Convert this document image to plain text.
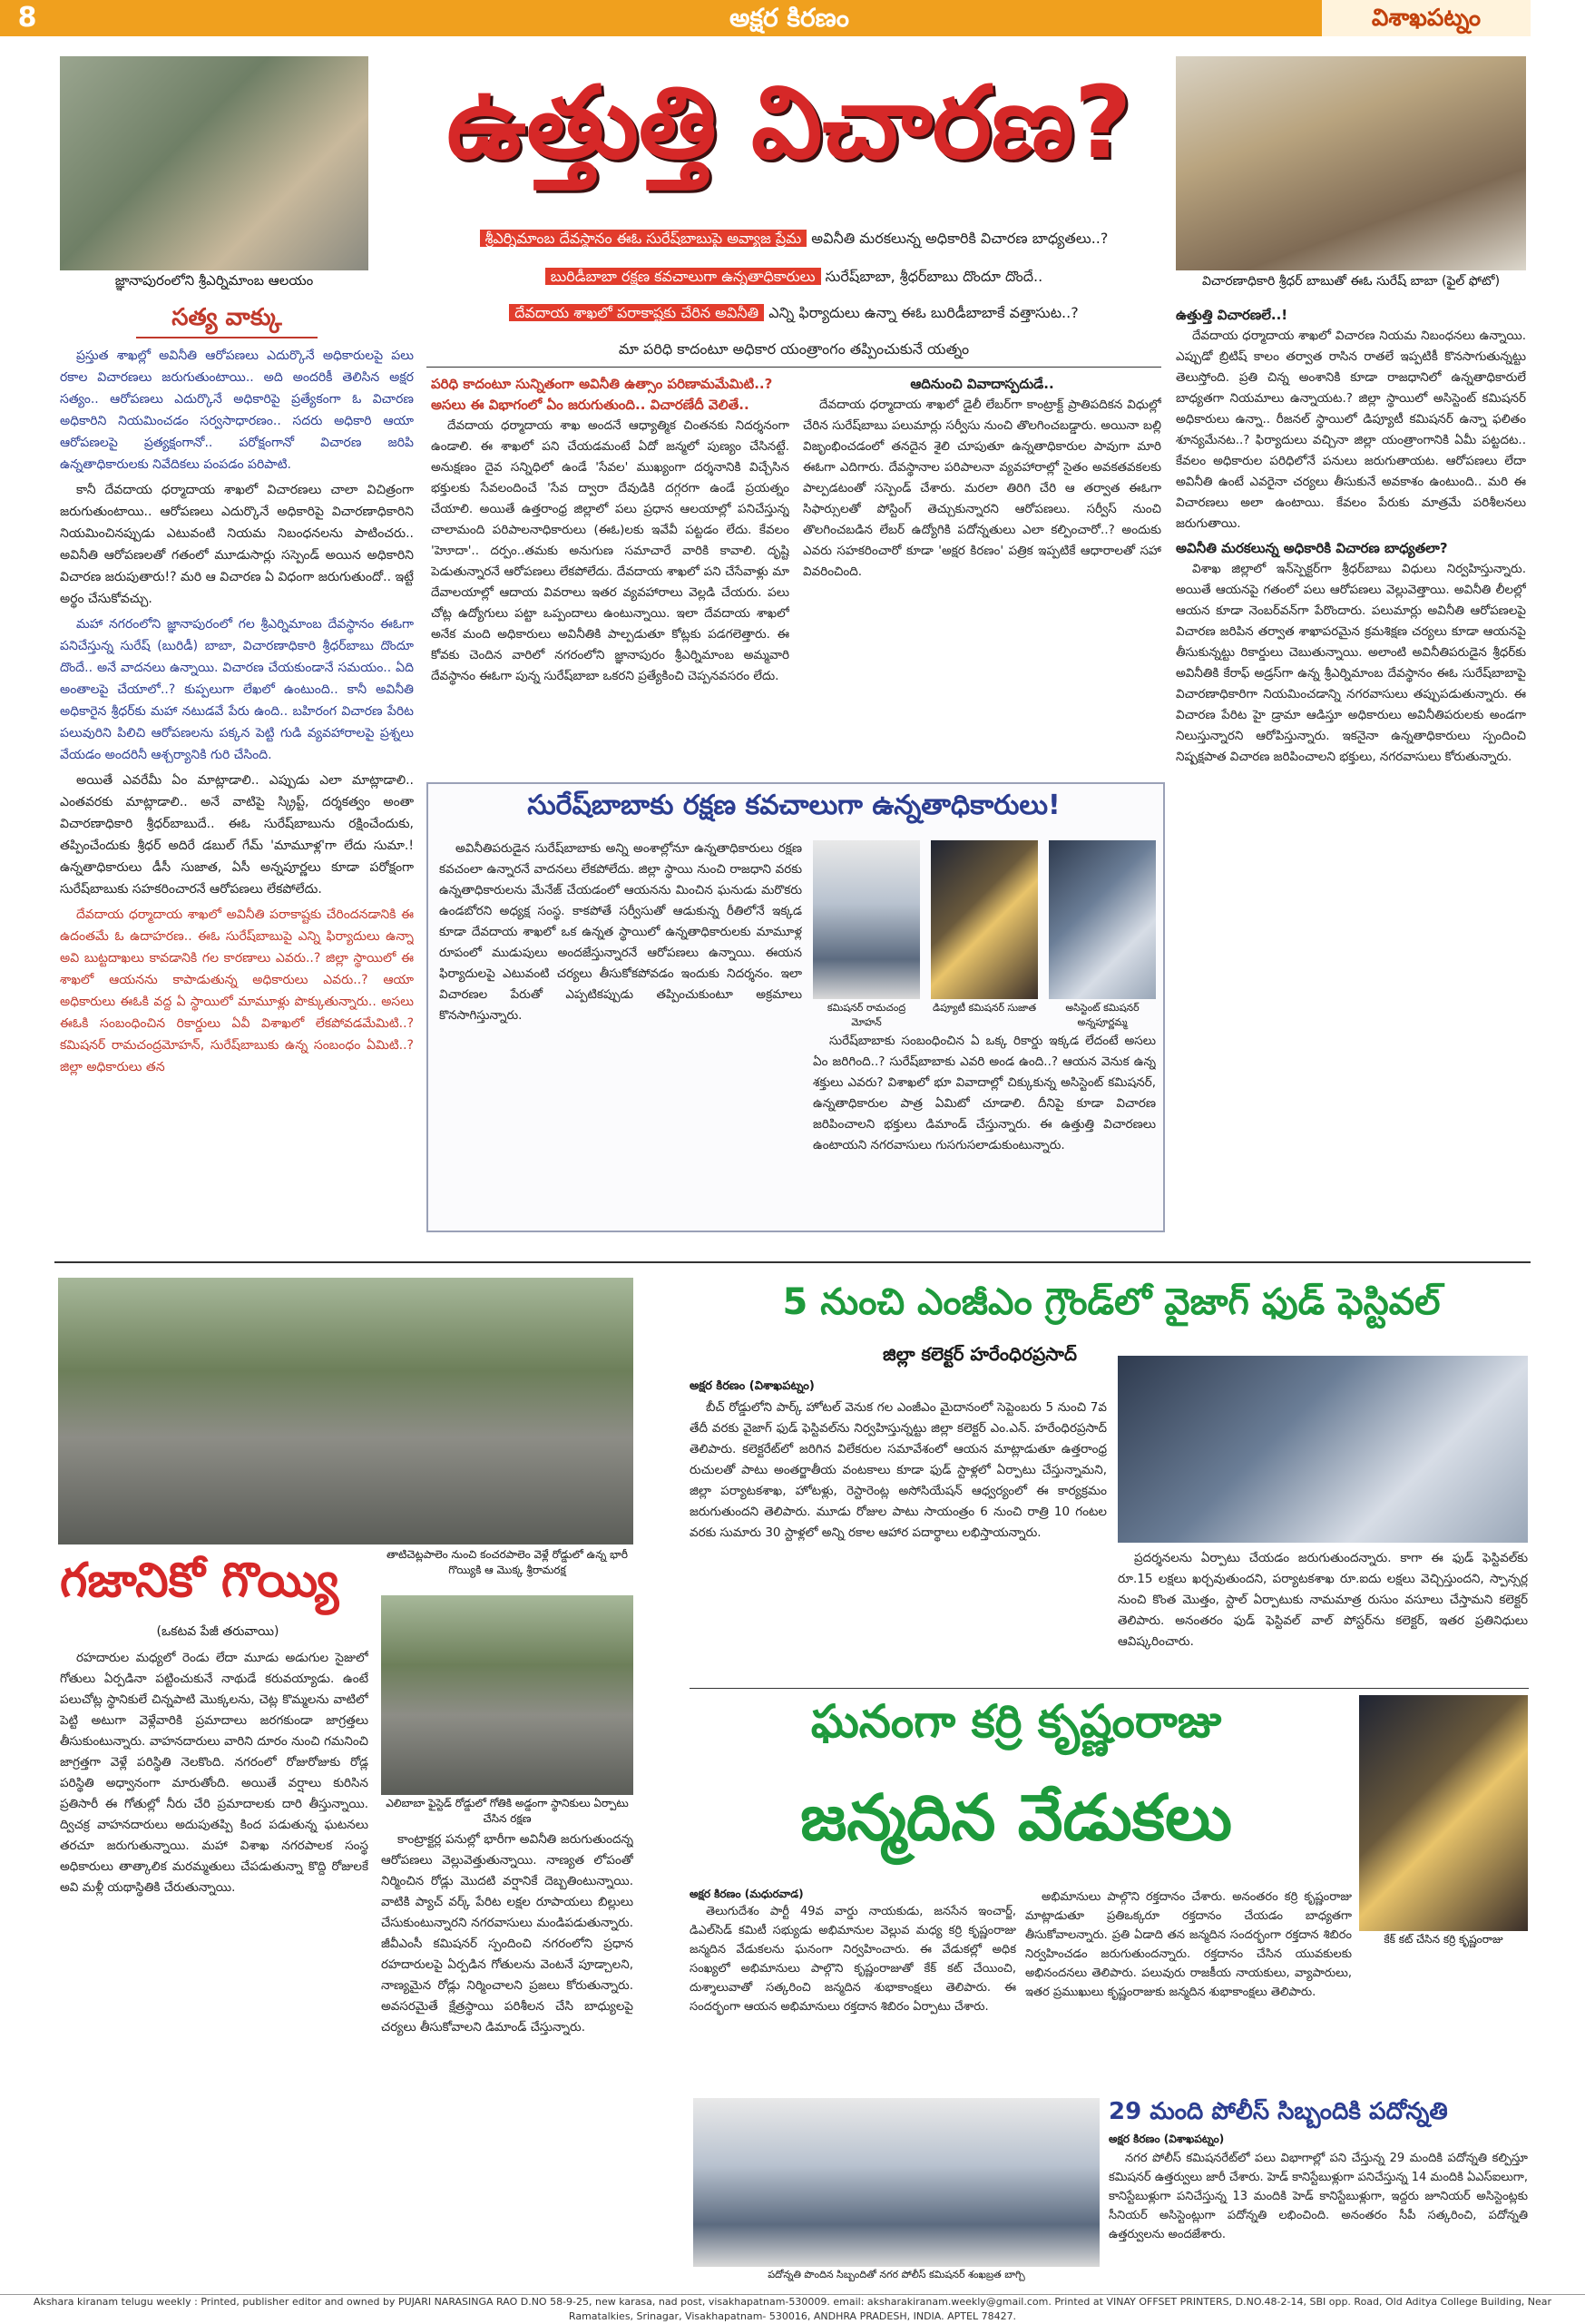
8	అక్షర కిరణం	విశాఖపట్నం
జ్ఞానాపురంలోని శ్రీఎర్నిమాంబ ఆలయం
ఉత్తుత్తి విచారణ?
విచారణాధికారి శ్రీధర్ బాబుతో ఈఓ సురేష్ బాబా (ఫైల్ ఫోటో)
శ్రీఎర్నిమాంబ దేవస్థానం ఈఓ సురేష్‌బాబుపై అవ్యాజ ప్రేమ అవినీతి మరకలున్న అధికారికి విచారణ బాధ్యతలు..?
బురిడీబాబా రక్షణ కవచాలుగా ఉన్నతాధికారులు సురేష్‌బాబా, శ్రీధర్‌బాబు దొందూ దొందే..
దేవదాయ శాఖలో పరాకాష్టకు చేరిన అవినీతి ఎన్ని ఫిర్యాదులు ఉన్నా ఈఓ బురిడీబాబాకే వత్తాసుట..?
మా పరిధి కాదంటూ అధికార యంత్రాంగం తప్పించుకునే యత్నం
సత్య వాక్కు

ప్రస్తుత శాఖల్లో అవినీతి ఆరోపణలు ఎదుర్కొనే అధికారులపై పలు రకాల విచారణలు జరుగుతుంటాయి.. అది అందరికీ తెలిసిన అక్షర సత్యం.. ఆరోపణలు ఎదుర్కొనే అధికారిపై ప్రత్యేకంగా ఓ విచారణ అధికారిని నియమించడం సర్వసాధారణం.. సదరు అధికారి ఆయా ఆరోపణలపై ప్రత్యక్షంగానో.. పరోక్షంగానో విచారణ జరిపి ఉన్నతాధికారులకు నివేదికలు పంపడం పరిపాటి.

కానీ దేవదాయ ధర్మాదాయ శాఖలో విచారణలు చాలా విచిత్రంగా జరుగుతుంటాయి.. ఆరోపణలు ఎదుర్కొనే అధికారిపై విచారణాధికారిని నియమించినప్పుడు ఎటువంటి నియమ నిబంధనలను పాటించరు.. అవినీతి ఆరోపణలతో గతంలో మూడుసార్లు సస్పెండ్ అయిన అధికారిని విచారణ జరుపుతారు!? మరి ఆ విచారణ ఏ విధంగా జరుగుతుందో.. ఇట్టే అర్థం చేసుకోవచ్చు.

మహా నగరంలోని జ్ఞానాపురంలో గల శ్రీఎర్నిమాంబ దేవస్థానం ఈఓగా పనిచేస్తున్న సురేష్ (బురిడీ) బాబా, విచారణాధికారి శ్రీధర్‌బాబు దొందూ దొందే.. అనే వాదనలు ఉన్నాయి. విచారణ చేయకుండానే సమయం.. ఏది అంతాలపై చేయాలో..? కుప్పలుగా లేఖలో ఉంటుంది.. కానీ అవినీతి అధికారైన శ్రీధర్‌కు మహా నటుడవే పేరు ఉంది.. బహిరంగ విచారణ పేరిట పలువురిని పిలిచి ఆరోపణలను పక్కన పెట్టి గుడి వ్యవహారాలపై ప్రశ్నలు వేయడం అందరినీ ఆశ్చర్యానికి గురి చేసింది.

అయితే ఎవరేమీ ఏం మాట్లాడాలి.. ఎప్పుడు ఎలా మాట్లాడాలి.. ఎంతవరకు మాట్లాడాలి.. అనే వాటిపై స్క్రిప్ట్, దర్శకత్వం అంతా విచారణాధికారి శ్రీధర్‌బాబుదే.. ఈఓ సురేష్‌బాబును రక్షించేందుకు, తప్పించేందుకు శ్రీధర్ అదిరే డబుల్ గేమ్ 'మామూళ్ల'గా లేదు సుమా.! ఉన్నతాధికారులు డీసీ సుజాత, ఏసీ అన్నపూర్ణలు కూడా పరోక్షంగా సురేష్‌బాబుకు సహకరించారనే ఆరోపణలు లేకపోలేదు.

దేవదాయ ధర్మాదాయ శాఖలో అవినీతి పరాకాష్టకు చేరిందనడానికి ఈ ఉదంతమే ఓ ఉదాహరణ.. ఈఓ సురేష్‌బాబుపై ఎన్ని ఫిర్యాదులు ఉన్నా అవి బుట్టదాఖలు కావడానికి గల కారణాలు ఎవరు..? జిల్లా స్థాయిలో ఈ శాఖలో ఆయనను కాపాడుతున్న అధికారులు ఎవరు..? ఆయా అధికారులు ఈఓకి వద్ద ఏ స్థాయిలో మామూళ్లు పొక్కుతున్నారు.. అసలు ఈఓకి సంబంధించిన రికార్డులు ఏవీ విశాఖలో లేకపోవడమేమిటి..? కమిషనర్ రామచంద్రమోహన్, సురేష్‌బాబుకు ఉన్న సంబంధం ఏమిటి..? జిల్లా అధికారులు తన

పరిధి కాదంటూ సున్నితంగా అవినీతి ఉత్సాం పరిణామమేమిటి..?
అసలు ఈ విభాగంలో ఏం జరుగుతుంది.. విచారణేదీ వెలితే..

దేవదాయ ధర్మాదాయ శాఖ అందనే ఆధ్యాత్మిక చింతనకు నిదర్శనంగా ఉండాలి. ఈ శాఖలో పని చేయడమంటే ఏదో జన్మలో పుణ్యం చేసినట్టే. అనుక్షణం దైవ సన్నిధిలో ఉండే 'సేవల' ముఖ్యంగా దర్శనానికి విచ్చేసిన భక్తులకు సేవలందించే 'సేవ ద్వారా దేవుడికి దగ్గరగా ఉండే ప్రయత్నం చేయాలి. అయితే ఉత్తరాంధ్ర జిల్లాలో పలు ప్రధాన ఆలయాల్లో పనిచేస్తున్న చాలామంది పరిపాలనాధికారులు (ఈఓ)లకు ఇవేవీ పట్టడం లేదు. కేవలం 'హెూదా'.. దర్పం..తమకు అనుగుణ సమాచారే వారికి కావాలి. దృష్టి పెడుతున్నారనే ఆరోపణలు లేకపోలేదు. దేవదాయ శాఖలో పని చేసేవాళ్లు మా దేవాలయాల్లో ఆదాయ వివరాలు ఇతర వ్యవహారాలు వెల్లడి చేయరు. పలు చోట్ల ఉద్యోగులు పట్టా ఒప్పందాలు ఉంటున్నాయి. ఇలా దేవదాయ శాఖలో అనేక మంది అధికారులు అవినీతికి పాల్పడుతూ కోట్లకు పడగలెత్తారు. ఈ కోవకు చెందిన వారిలో నగరంలోని జ్ఞానాపురం శ్రీఎర్నిమాంబ అమ్మవారి దేవస్థానం ఈఓగా పున్న సురేష్‌బాబా ఒకరని ప్రత్యేకించి చెప్పనవసరం లేదు.

ఆదినుంచి వివాదాస్పదుడే..

దేవదాయ ధర్మాదాయ శాఖలో డైలీ లేబర్‌గా కాంట్రాక్ట్ ప్రాతిపదికన విధుల్లో చేరిన సురేష్‌బాబు పలుమార్లు సర్వీసు నుంచి తొలగించబడ్డారు. అయినా బల్లి విజృంభించడంలో తనదైన శైలి చూపుతూ ఉన్నతాధికారుల పావుగా మారి ఈఓగా ఎదిగారు. దేవస్థానాల పరిపాలనా వ్యవహారాల్లో సైతం అవకతవకలకు పాల్పడటంతో సస్పెండ్ చేశారు. మరలా తిరిగి చేరి ఆ తర్వాత ఈఓగా సిఫార్సులతో పోస్టింగ్ తెచ్చుకున్నారని ఆరోపణలు. సర్వీస్ నుంచి తొలగించబడిన లేబర్ ఉద్యోగికి పదోన్నతులు ఎలా కల్పించారో..? అందుకు ఎవరు సహకరించారో కూడా 'అక్షర కిరణం' పత్రిక ఇప్పటికే ఆధారాలతో సహా వివరించింది.

ఉత్తుత్తి విచారణలే..!

దేవదాయ ధర్మాదాయ శాఖలో విచారణ నియమ నిబంధనలు ఉన్నాయి. ఎప్పుడో బ్రిటిష్ కాలం తర్వాత రాసిన రాతలే ఇప్పటికీ కొనసాగుతున్నట్టు తెలుస్తోంది. ప్రతి చిన్న అంశానికి కూడా రాజధానిలో ఉన్నతాధికారులే బాధ్యతగా నియమాలు ఉన్నాయట.? జిల్లా స్థాయిలో అసిస్టెంట్ కమిషనర్ అధికారులు ఉన్నా.. రీజనల్ స్థాయిలో డిప్యూటీ కమిషనర్ ఉన్నా ఫలితం శూన్యమేనట..? ఫిర్యాదులు వచ్చినా జిల్లా యంత్రాంగానికి ఏమీ పట్టదట.. కేవలం అధికారుల పరిధిలోనే పనులు జరుగుతాయట. ఆరోపణలు లేదా అవినీతి ఉంటే ఎవరైనా చర్యలు తీసుకునే అవకాశం ఉంటుంది.. మరి ఈ విచారణలు అలా ఉంటాయి. కేవలం పేరుకు మాత్రమే పరిశీలనలు జరుగుతాయి.

అవినీతి మరకలున్న అధికారికి విచారణ బాధ్యతలా?

విశాఖ జిల్లాలో ఇన్‌స్పెక్టర్‌గా శ్రీధర్‌బాబు విధులు నిర్వహిస్తున్నారు. అయితే ఆయనపై గతంలో పలు ఆరోపణలు వెల్లువెత్తాయి. అవినీతి లీలల్లో ఆయన కూడా నెంబర్‌వన్‌గా పేరొందారు. పలుమార్లు అవినీతి ఆరోపణలపై విచారణ జరిపిన తర్వాత శాఖాపరమైన క్రమశిక్షణ చర్యలు కూడా ఆయనపై తీసుకున్నట్టు రికార్డులు చెబుతున్నాయి. అలాంటి అవినీతిపరుడైన శ్రీధర్‌కు అవినీతికి కేరాఫ్ అడ్రస్‌గా ఉన్న శ్రీఎర్నిమాంబ దేవస్థానం ఈఓ సురేష్‌బాబాపై విచారణాధికారిగా నియమించడాన్ని నగరవాసులు తప్పుపడుతున్నారు. ఈ విచారణ పేరిట హై డ్రామా ఆడిస్తూ అధికారులు అవినీతిపరులకు అండగా నిలుస్తున్నారని ఆరోపిస్తున్నారు. ఇకనైనా ఉన్నతాధికారులు స్పందించి నిష్పక్షపాత విచారణ జరిపించాలని భక్తులు, నగరవాసులు కోరుతున్నారు.

సురేష్‌బాబాకు రక్షణ కవచాలుగా ఉన్నతాధికారులు!

అవినీతిపరుడైన సురేష్‌బాబాకు అన్ని అంశాల్లోనూ ఉన్నతాధికారులు రక్షణ కవచంలా ఉన్నారనే వాదనలు లేకపోలేదు. జిల్లా స్థాయి నుంచి రాజధాని వరకు ఉన్నతాధికారులను మేనేజ్ చేయడంలో ఆయనను మించిన ఘనుడు మరొకరు ఉండబోరని అధ్యక్ష సంస్థ. కాకపోతే సర్వీసుతో ఆడుకున్న రీతిలోనే ఇక్కడ కూడా దేవదాయ శాఖలో ఒక ఉన్నత స్థాయిలో ఉన్నతాధికారులకు మామూళ్ల రూపంలో ముడుపులు అందజేస్తున్నారనే ఆరోపణలు ఉన్నాయి. ఈయన ఫిర్యాదులపై ఎటువంటి చర్యలు తీసుకోకపోవడం ఇందుకు నిదర్శనం. ఇలా విచారణల పేరుతో ఎప్పటికప్పుడు తప్పించుకుంటూ అక్రమాలు కొనసాగిస్తున్నారు.

కమిషనర్ రామచంద్ర మోహన్
డిప్యూటీ కమిషనర్ సుజాత	అసిస్టెంట్ కమిషనర్ అన్నపూర్ణమ్మ

సురేష్‌బాబాకు సంబంధించిన ఏ ఒక్క రికార్డు ఇక్కడ లేదంటే అసలు ఏం జరిగింది..? సురేష్‌బాబాకు ఎవరి అండ ఉంది..? ఆయన వెనుక ఉన్న శక్తులు ఎవరు? విశాఖలో భూ వివాదాల్లో చిక్కుకున్న అసిస్టెంట్ కమిషనర్, ఉన్నతాధికారుల పాత్ర ఏమిటో చూడాలి. దీనిపై కూడా విచారణ జరిపించాలని భక్తులు డిమాండ్ చేస్తున్నారు. ఈ ఉత్తుత్తి విచారణలు ఉంటాయని నగరవాసులు గుసగుసలాడుకుంటున్నారు.

తాటిచెట్లపాలెం నుంచి కంచరపాలెం వెళ్లే రోడ్డులో ఉన్న భారీ గొయ్యికి ఆ మొక్క శ్రీరామరక్ష
గజానికో గొయ్యి
(ఒకటవ పేజీ తరువాయి)
ఎలిబాబా ఫైస్టెడ్ రోడ్డులో గోతికి అడ్డంగా స్థానికులు ఏర్పాటు చేసిన రక్షణ

రహదారుల మధ్యలో రెండు లేదా మూడు అడుగుల సైజులో గోతులు ఏర్పడినా పట్టించుకునే నాథుడే కరువయ్యాడు. ఉంటే పలుచోట్ల స్థానికులే చిన్నపాటి మొక్కలను, చెట్ల కొమ్మలను వాటిలో పెట్టి అటుగా వెళ్లేవారికి ప్రమాదాలు జరగకుండా జాగ్రత్తలు తీసుకుంటున్నారు. వాహనదారులు వారిని దూరం నుంచి గమనించి జాగ్రత్తగా వెళ్లే పరిస్థితి నెలకొంది. నగరంలో రోజురోజుకు రోడ్ల పరిస్థితి అధ్వానంగా మారుతోంది. అయితే వర్షాలు కురిసిన ప్రతిసారీ ఈ గోతుల్లో నీరు చేరి ప్రమాదాలకు దారి తీస్తున్నాయి. ద్విచక్ర వాహనదారులు అదుపుతప్పి కింద పడుతున్న ఘటనలు తరచూ జరుగుతున్నాయి. మహా విశాఖ నగరపాలక సంస్థ అధికారులు తాత్కాలిక మరమ్మతులు చేపడుతున్నా కొద్ది రోజులకే అవి మళ్లీ యథాస్థితికి చేరుతున్నాయి.

కాంట్రాక్టర్ల పనుల్లో భారీగా అవినీతి జరుగుతుందన్న ఆరోపణలు వెల్లువెత్తుతున్నాయి. నాణ్యత లోపంతో నిర్మించిన రోడ్లు మొదటి వర్షానికే దెబ్బతింటున్నాయి. వాటికి ప్యాచ్ వర్క్ పేరిట లక్షల రూపాయలు బిల్లులు చేసుకుంటున్నారని నగరవాసులు మండిపడుతున్నారు. జీవీఎంసీ కమిషనర్ స్పందించి నగరంలోని ప్రధాన రహదారులపై ఏర్పడిన గోతులను వెంటనే పూడ్చాలని, నాణ్యమైన రోడ్లు నిర్మించాలని ప్రజలు కోరుతున్నారు. అవసరమైతే క్షేత్రస్థాయి పరిశీలన చేసి బాధ్యులపై చర్యలు తీసుకోవాలని డిమాండ్ చేస్తున్నారు.

5 నుంచి ఎంజీఎం గ్రౌండ్‌లో వైజాగ్ ఫుడ్ ఫెస్టివల్
జిల్లా కలెక్టర్ హరేంధిరప్రసాద్
అక్షర కిరణం (విశాఖపట్నం)

బీచ్ రోడ్డులోని పార్క్ హోటల్ వెనుక గల ఎంజీఎం మైదానంలో సెప్టెంబరు 5 నుంచి 7వ తేదీ వరకు వైజాగ్ ఫుడ్ ఫెస్టివల్‌ను నిర్వహిస్తున్నట్టు జిల్లా కలెక్టర్ ఎం.ఎన్. హరేంధిరప్రసాద్ తెలిపారు. కలెక్టరేట్‌లో జరిగిన విలేకరుల సమావేశంలో ఆయన మాట్లాడుతూ ఉత్తరాంధ్ర రుచులతో పాటు అంతర్జాతీయ వంటకాలు కూడా ఫుడ్ స్టాళ్లలో ఏర్పాటు చేస్తున్నామని, జిల్లా పర్యాటకశాఖ, హోటళ్లు, రెస్టారెంట్ల అసోసియేషన్ ఆధ్వర్యంలో ఈ కార్యక్రమం జరుగుతుందని తెలిపారు. మూడు రోజుల పాటు సాయంత్రం 6 నుంచి రాత్రి 10 గంటల వరకు సుమారు 30 స్టాళ్లలో అన్ని రకాల ఆహార పదార్థాలు లభిస్తాయన్నారు.

ప్రదర్శనలను ఏర్పాటు చేయడం జరుగుతుందన్నారు. కాగా ఈ ఫుడ్ ఫెస్టివల్‌కు రూ.15 లక్షలు ఖర్చవుతుందని, పర్యాటకశాఖ రూ.ఐదు లక్షలు వెచ్చిస్తుందని, స్పాన్సర్ల నుంచి కొంత మొత్తం, స్టాల్ ఏర్పాటుకు నామమాత్ర రుసుం వసూలు చేస్తామని కలెక్టర్ తెలిపారు. అనంతరం ఫుడ్ ఫెస్టివల్ వాల్ పోస్టర్‌ను కలెక్టర్, ఇతర ప్రతినిధులు ఆవిష్కరించారు.

ఘనంగా కర్రి కృష్ణంరాజు
జన్మదిన వేడుకలు
కేక్ కట్ చేసిన కర్రి కృష్ణంరాజు
అక్షర కిరణం (మధురవాడ)

తెలుగుదేశం పార్టీ 49వ వార్డు నాయకుడు, జనసేన ఇంచార్జ్, డిఎల్‌సిడ్ కమిటీ సభ్యుడు అభిమానుల వెల్లువ మధ్య కర్రి కృష్ణంరాజు జన్మదిన వేడుకలను ఘనంగా నిర్వహించారు. ఈ వేడుకల్లో అధిక సంఖ్యలో అభిమానులు పాల్గొని కృష్ణంరాజుతో కేక్ కట్ చేయించి, దుశ్శాలువాతో సత్కరించి జన్మదిన శుభాకాంక్షలు తెలిపారు. ఈ సందర్భంగా ఆయన అభిమానులు రక్తదాన శిబిరం ఏర్పాటు చేశారు.

అభిమానులు పాల్గొని రక్తదానం చేశారు. అనంతరం కర్రి కృష్ణంరాజు మాట్లాడుతూ ప్రతిఒక్కరూ రక్తదానం చేయడం బాధ్యతగా తీసుకోవాలన్నారు. ప్రతి ఏడాది తన జన్మదిన సందర్భంగా రక్తదాన శిబిరం నిర్వహించడం జరుగుతుందన్నారు. రక్తదానం చేసిన యువకులకు అభినందనలు తెలిపారు. పలువురు రాజకీయ నాయకులు, వ్యాపారులు, ఇతర ప్రముఖులు కృష్ణంరాజుకు జన్మదిన శుభాకాంక్షలు తెలిపారు.

పదోన్నతి పొందిన సిబ్బందితో నగర పోలీస్ కమిషనర్ శంఖబ్రత బాగ్చి
29 మంది పోలీస్ సిబ్బందికి పదోన్నతి
అక్షర కిరణం (విశాఖపట్నం)

నగర పోలీస్ కమిషనరేట్‌లో పలు విభాగాల్లో పని చేస్తున్న 29 మందికి పదోన్నతి కల్పిస్తూ కమిషనర్ ఉత్తర్వులు జారీ చేశారు. హెడ్ కానిస్టేబుళ్లుగా పనిచేస్తున్న 14 మందికి ఏఎస్ఐలుగా, కానిస్టేబుళ్లుగా పనిచేస్తున్న 13 మందికి హెడ్ కానిస్టేబుళ్లుగా, ఇద్దరు జూనియర్ అసిస్టెంట్లకు సీనియర్ అసిస్టెంట్లుగా పదోన్నతి లభించింది. అనంతరం సీపీ సత్కరించి, పదోన్నతి ఉత్తర్వులను అందజేశారు.

Akshara kiranam telugu weekly : Printed, publisher editor and owned by PUJARI NARASINGA RAO D.NO 58-9-25, new karasa, nad post, visakhapatnam-530009. email: aksharakiranam.weekly@gmail.com. Printed at VINAY OFFSET PRINTERS, D.NO.48-2-14, SBI opp. Road, Old Aditya College Building, Near Ramatalkies, Srinagar, Visakhapatnam- 530016, ANDHRA PRADESH, INDIA. APTEL 78427.
